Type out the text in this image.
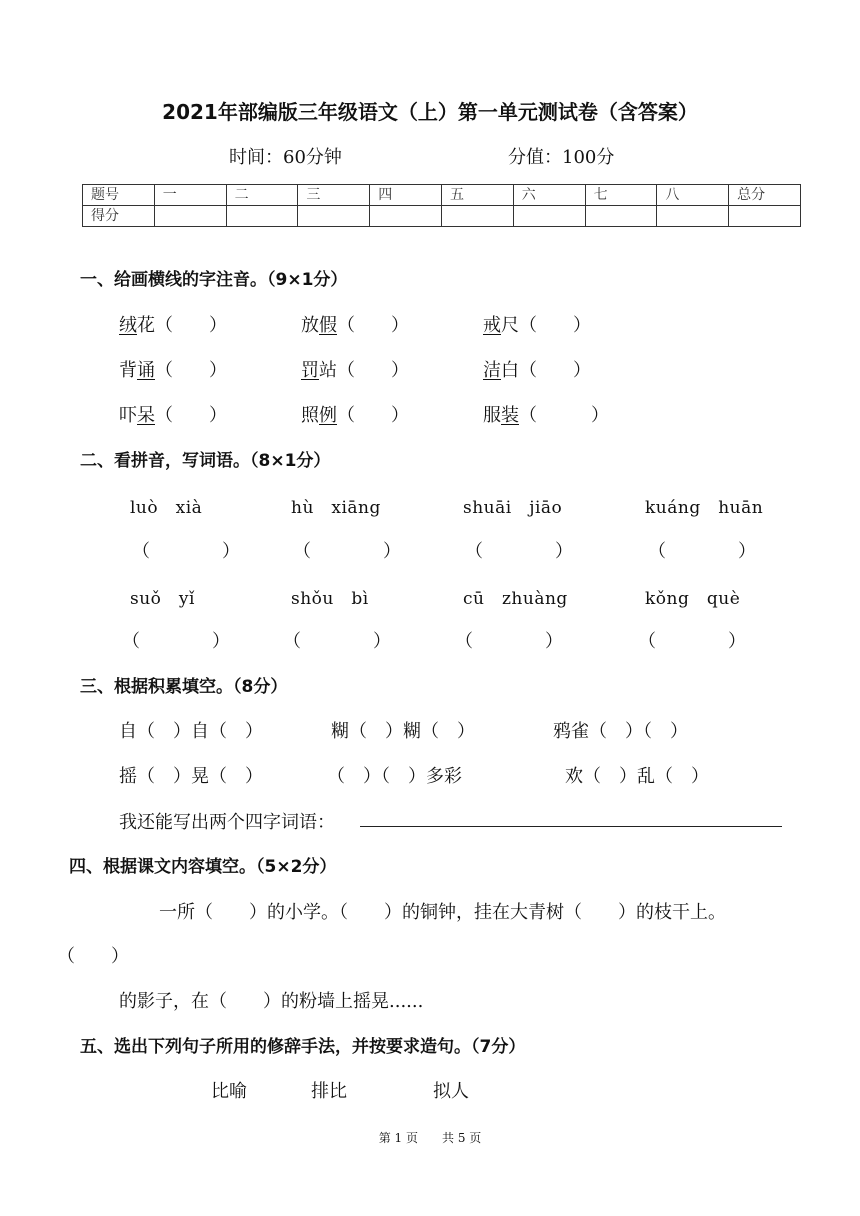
2021年部编版三年级语文（上）第一单元测试卷（含答案）
时间：60分钟	分值：100分
题号	一	二	三	四	五	六	七	八	总分
得分									
一、给画横线的字注音。（9×1分）
绒花（　　）	放假（　　）	戒尺（　　）
背诵（　　）	罚站（　　）	洁白（　　）
吓呆（　　）	照例（　　）	服装（　　　）
二、看拼音，写词语。（8×1分）
luò　xià	hù　xiāng	shuāi　jiāo	kuáng　huān
（　　　　）	（　　　　）	（　　　　）	（　　　　）
suǒ　yǐ	shǒu　bì	cū　zhuàng	kǒng　què
（　　　　）	（　　　　）	（　　　　）	（　　　　）
三、根据积累填空。（8分）
自（　）自（　）	糊（　）糊（　）	鸦雀（　）（　）
摇（　）晃（　）	（　）（　）多彩	欢（　）乱（　）
我还能写出两个四字词语：
四、根据课文内容填空。（5×2分）
一所（　　）的小学。（　　）的铜钟，挂在大青树（　　）的枝干上。
（　　）
的影子，在（　　）的粉墙上摇晃......
五、选出下列句子所用的修辞手法，并按要求造句。（7分）
比喻	排比	拟人
第 1 页　　共 5 页
